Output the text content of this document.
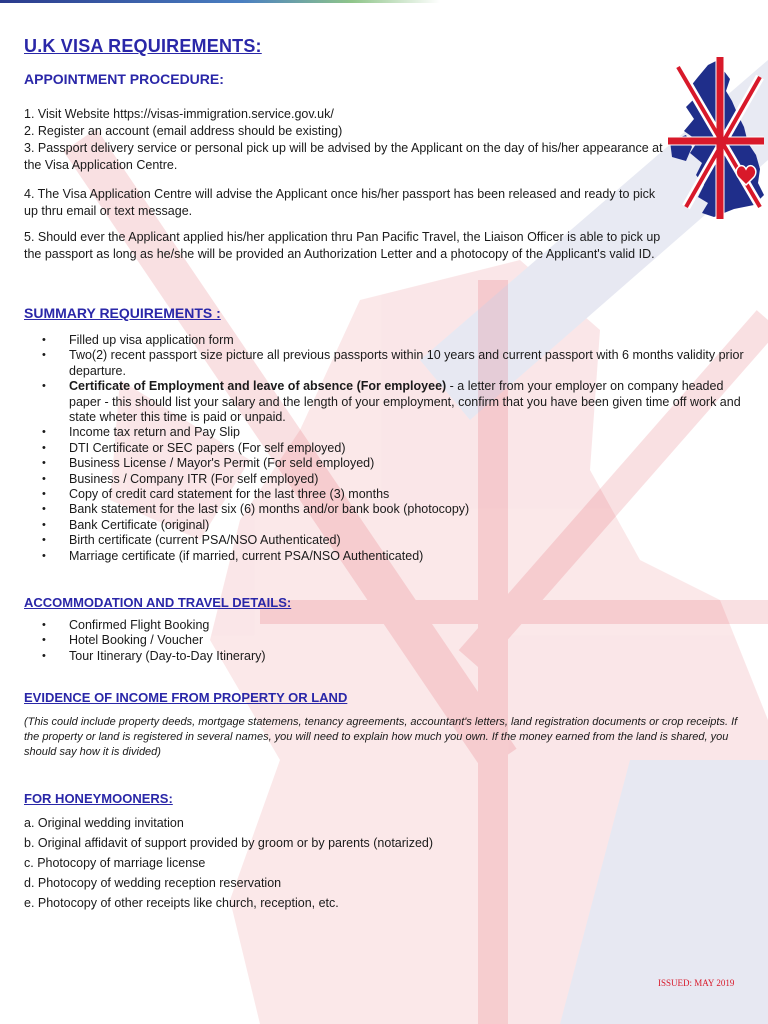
U.K VISA REQUIREMENTS:
APPOINTMENT PROCEDURE:
1. Visit Website https://visas-immigration.service.gov.uk/
2. Register an account (email address should be existing)
3. Passport delivery service or personal pick up will be advised by the Applicant on the day of his/her appearance at the Visa Application Centre.
4. The Visa Application Centre will advise the Applicant once his/her passport has been released and ready to pick up thru email or text message.
5. Should ever the Applicant applied his/her application thru Pan Pacific Travel, the Liaison Officer is able to pick up the passport as long as he/she will be provided an Authorization Letter and a photocopy of the Applicant's valid ID.
SUMMARY REQUIREMENTS :
• Filled up visa application form
• Two(2) recent passport size picture all previous passports within 10 years and current passport with 6 months validity prior departure.
• Certificate of Employment and leave of absence (For employee) - a letter from your employer on company headed paper - this should list your salary and the length of your employment, confirm that you have been given time off work and state wheter this time is paid or unpaid.
• Income tax return and Pay Slip
• DTI Certificate or SEC papers (For self employed)
• Business License / Mayor's Permit (For seld employed)
• Business / Company ITR (For self employed)
• Copy of credit card statement for the last three (3) months
• Bank statement for the last six (6) months and/or bank book (photocopy)
• Bank Certificate (original)
• Birth certificate (current PSA/NSO Authenticated)
• Marriage certificate (if married, current PSA/NSO Authenticated)
ACCOMMODATION AND TRAVEL DETAILS:
• Confirmed Flight Booking
• Hotel Booking / Voucher
• Tour Itinerary (Day-to-Day Itinerary)
EVIDENCE OF INCOME FROM PROPERTY OR LAND

(This could include property deeds, mortgage statemens, tenancy agreements, accountant's letters, land registration documents or crop receipts. If the property or land is registered in several names, you will need to explain how much you own. If the money earned from the land is shared, you should say how it is divided)

FOR HONEYMOONERS:
a. Original wedding invitation
b. Original affidavit of support provided by groom or by parents (notarized)
c. Photocopy of marriage license
d. Photocopy of wedding reception reservation
e. Photocopy of other receipts like church, reception, etc.
ISSUED: MAY 2019
